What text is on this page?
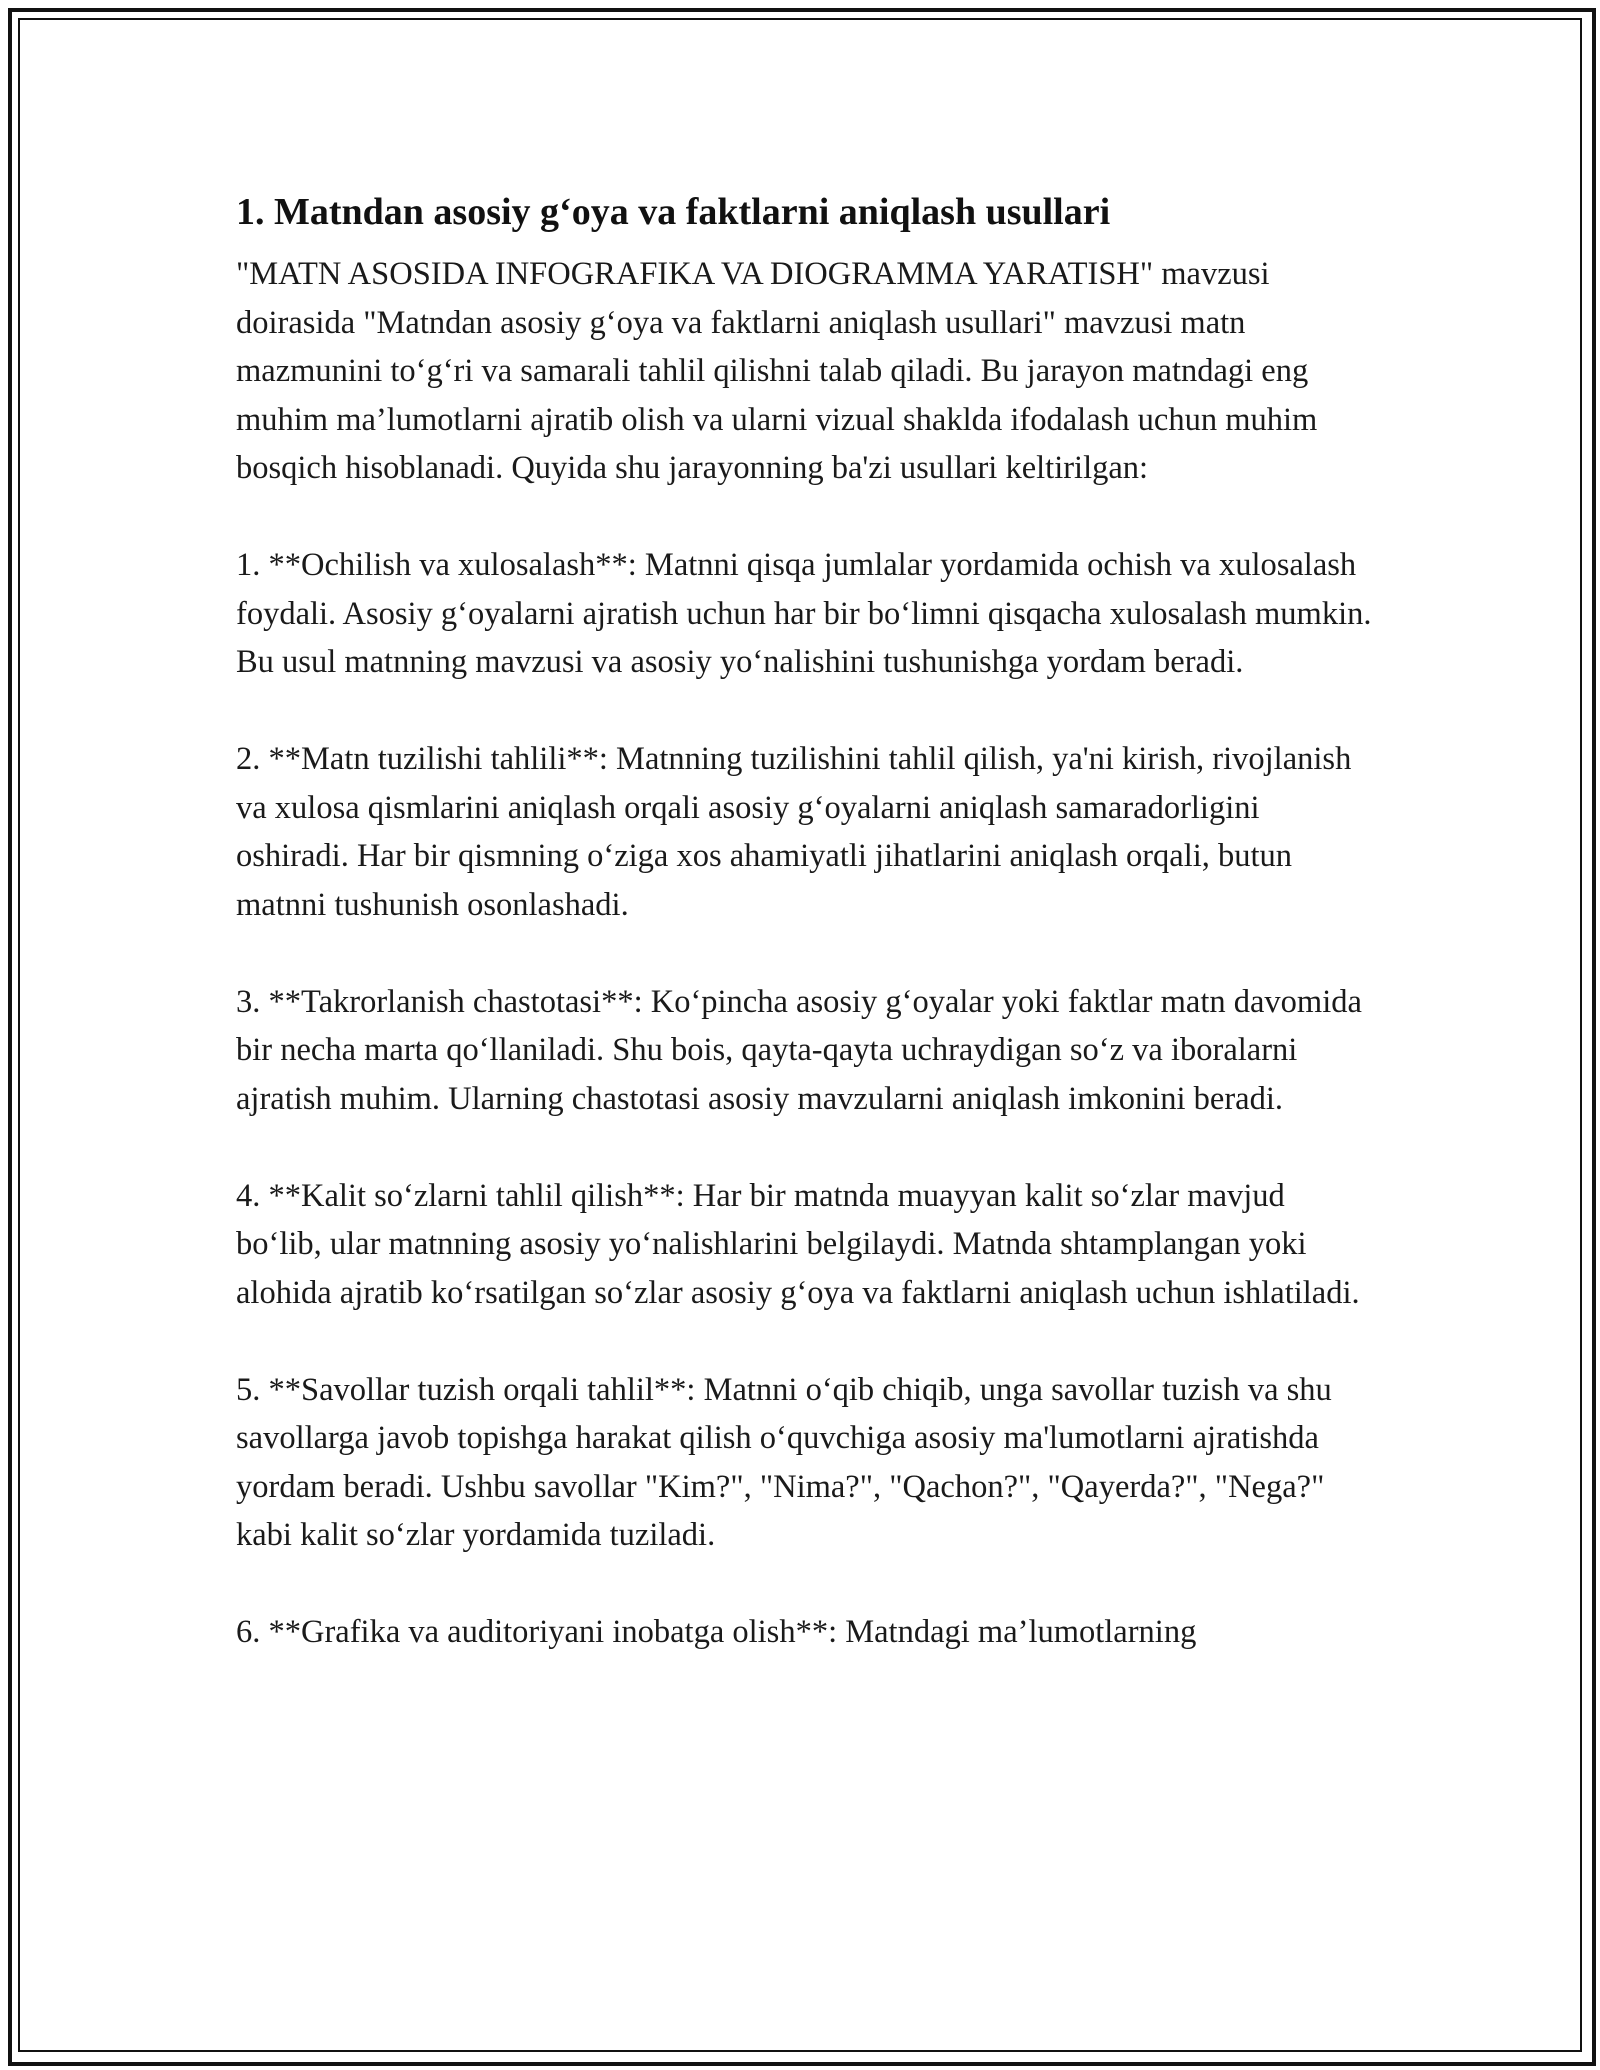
1. Matndan asosiy g‘oya va faktlarni aniqlash usullari

"MATN ASOSIDA INFOGRAFIKA VA DIOGRAMMA YARATISH" mavzusi doirasida "Matndan asosiy g‘oya va faktlarni aniqlash usullari" mavzusi matn mazmunini to‘g‘ri va samarali tahlil qilishni talab qiladi. Bu jarayon matndagi eng muhim ma’lumotlarni ajratib olish va ularni vizual shaklda ifodalash uchun muhim bosqich hisoblanadi. Quyida shu jarayonning ba'zi usullari keltirilgan:

1. **Ochilish va xulosalash**: Matnni qisqa jumlalar yordamida ochish va xulosalash foydali. Asosiy g‘oyalarni ajratish uchun har bir bo‘limni qisqacha xulosalash mumkin. Bu usul matnning mavzusi va asosiy yo‘nalishini tushunishga yordam beradi.

2. **Matn tuzilishi tahlili**: Matnning tuzilishini tahlil qilish, ya'ni kirish, rivojlanish va xulosa qismlarini aniqlash orqali asosiy g‘oyalarni aniqlash samaradorligini oshiradi. Har bir qismning o‘ziga xos ahamiyatli jihatlarini aniqlash orqali, butun matnni tushunish osonlashadi.

3. **Takrorlanish chastotasi**: Ko‘pincha asosiy g‘oyalar yoki faktlar matn davomida bir necha marta qo‘llaniladi. Shu bois, qayta-qayta uchraydigan so‘z va iboralarni ajratish muhim. Ularning chastotasi asosiy mavzularni aniqlash imkonini beradi.

4. **Kalit so‘zlarni tahlil qilish**: Har bir matnda muayyan kalit so‘zlar mavjud bo‘lib, ular matnning asosiy yo‘nalishlarini belgilaydi. Matnda shtamplangan yoki alohida ajratib ko‘rsatilgan so‘zlar asosiy g‘oya va faktlarni aniqlash uchun ishlatiladi.

5. **Savollar tuzish orqali tahlil**: Matnni o‘qib chiqib, unga savollar tuzish va shu savollarga javob topishga harakat qilish o‘quvchiga asosiy ma'lumotlarni ajratishda yordam beradi. Ushbu savollar "Kim?", "Nima?", "Qachon?", "Qayerda?", "Nega?" kabi kalit so‘zlar yordamida tuziladi.

6. **Grafika va auditoriyani inobatga olish**: Matndagi ma’lumotlarning
